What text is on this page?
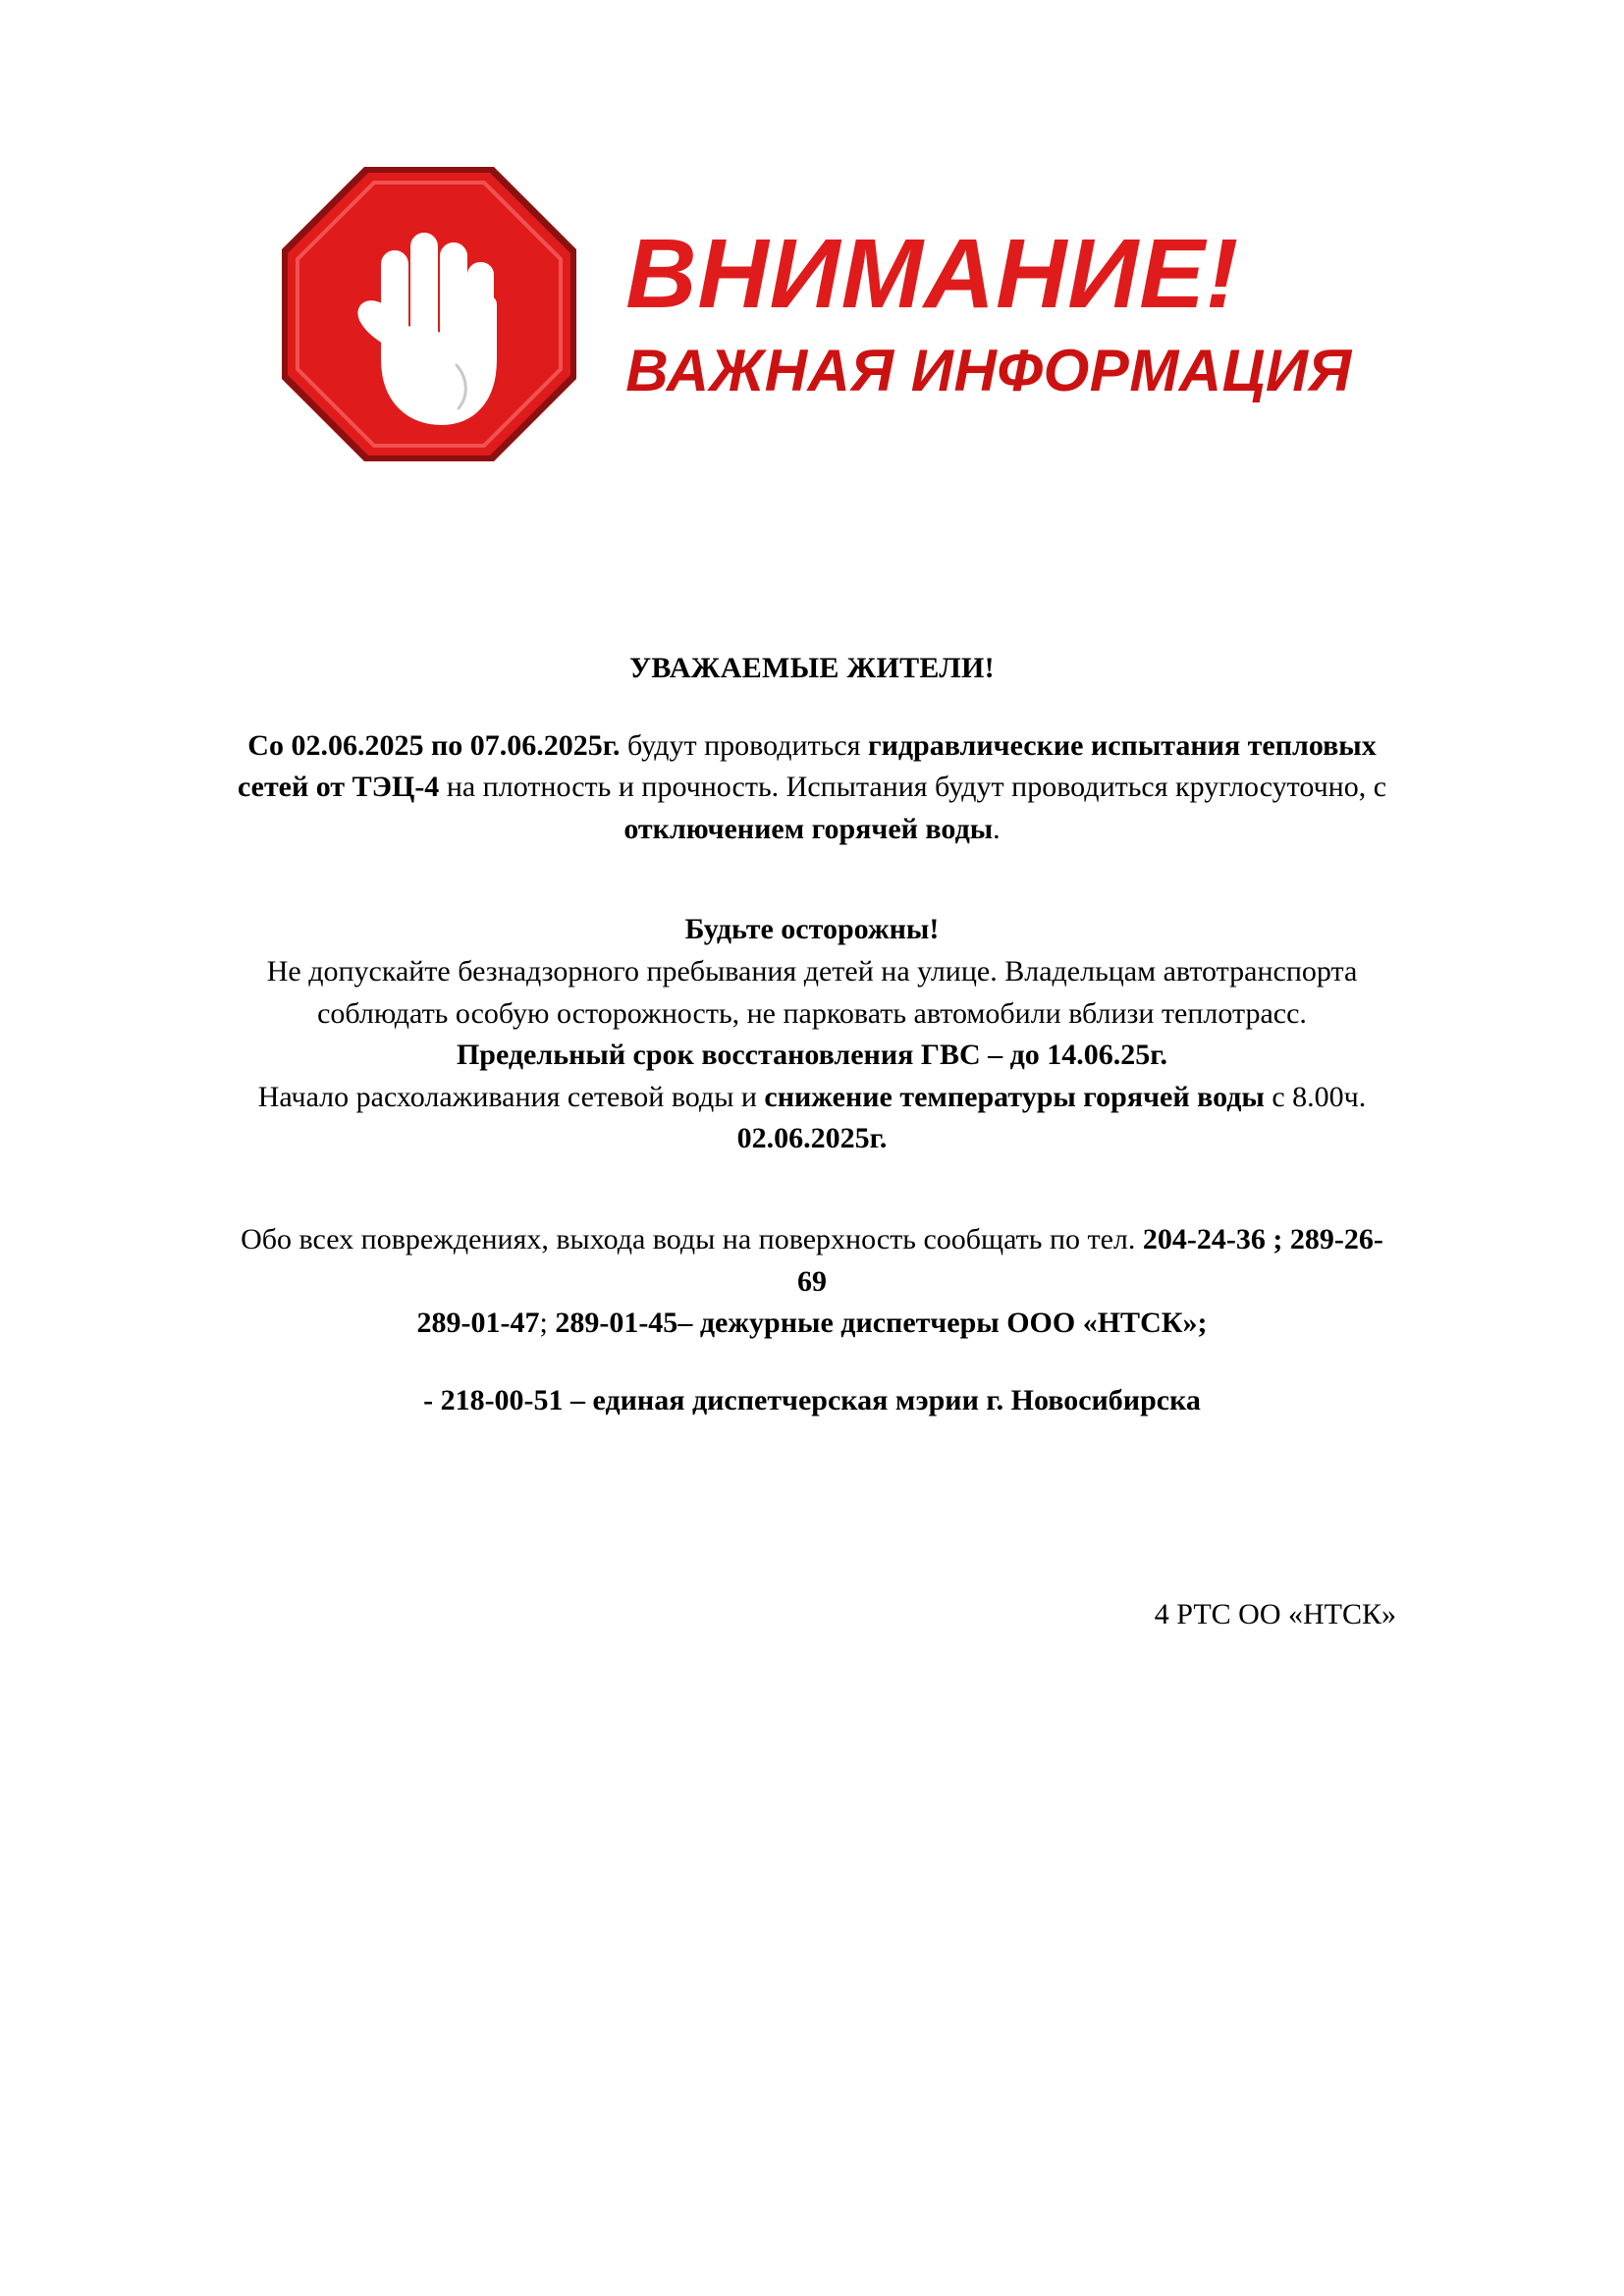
ВНИМАНИЕ!
ВАЖНАЯ ИНФОРМАЦИЯ

УВАЖАЕМЫЕ ЖИТЕЛИ!

Со 02.06.2025 по 07.06.2025г. будут проводиться гидравлические испытания тепловых сетей от ТЭЦ-4 на плотность и прочность. Испытания будут проводиться круглосуточно, с отключением горячей воды.

Будьте осторожны!

Не допускайте безнадзорного пребывания детей на улице. Владельцам автотранспорта соблюдать особую осторожность, не парковать автомобили вблизи теплотрасс.

Предельный срок восстановления ГВС – до 14.06.25г.

Начало расхолаживания сетевой воды и снижение температуры горячей воды с 8.00ч. 02.06.2025г.

Обо всех повреждениях, выхода воды на поверхность сообщать по тел. 204-24-36 ; 289-26-69

289-01-47; 289-01-45– дежурные диспетчеры ООО «НТСК»;

- 218-00-51 – единая диспетчерская мэрии г. Новосибирска

4 РТС ОО «НТСК»
